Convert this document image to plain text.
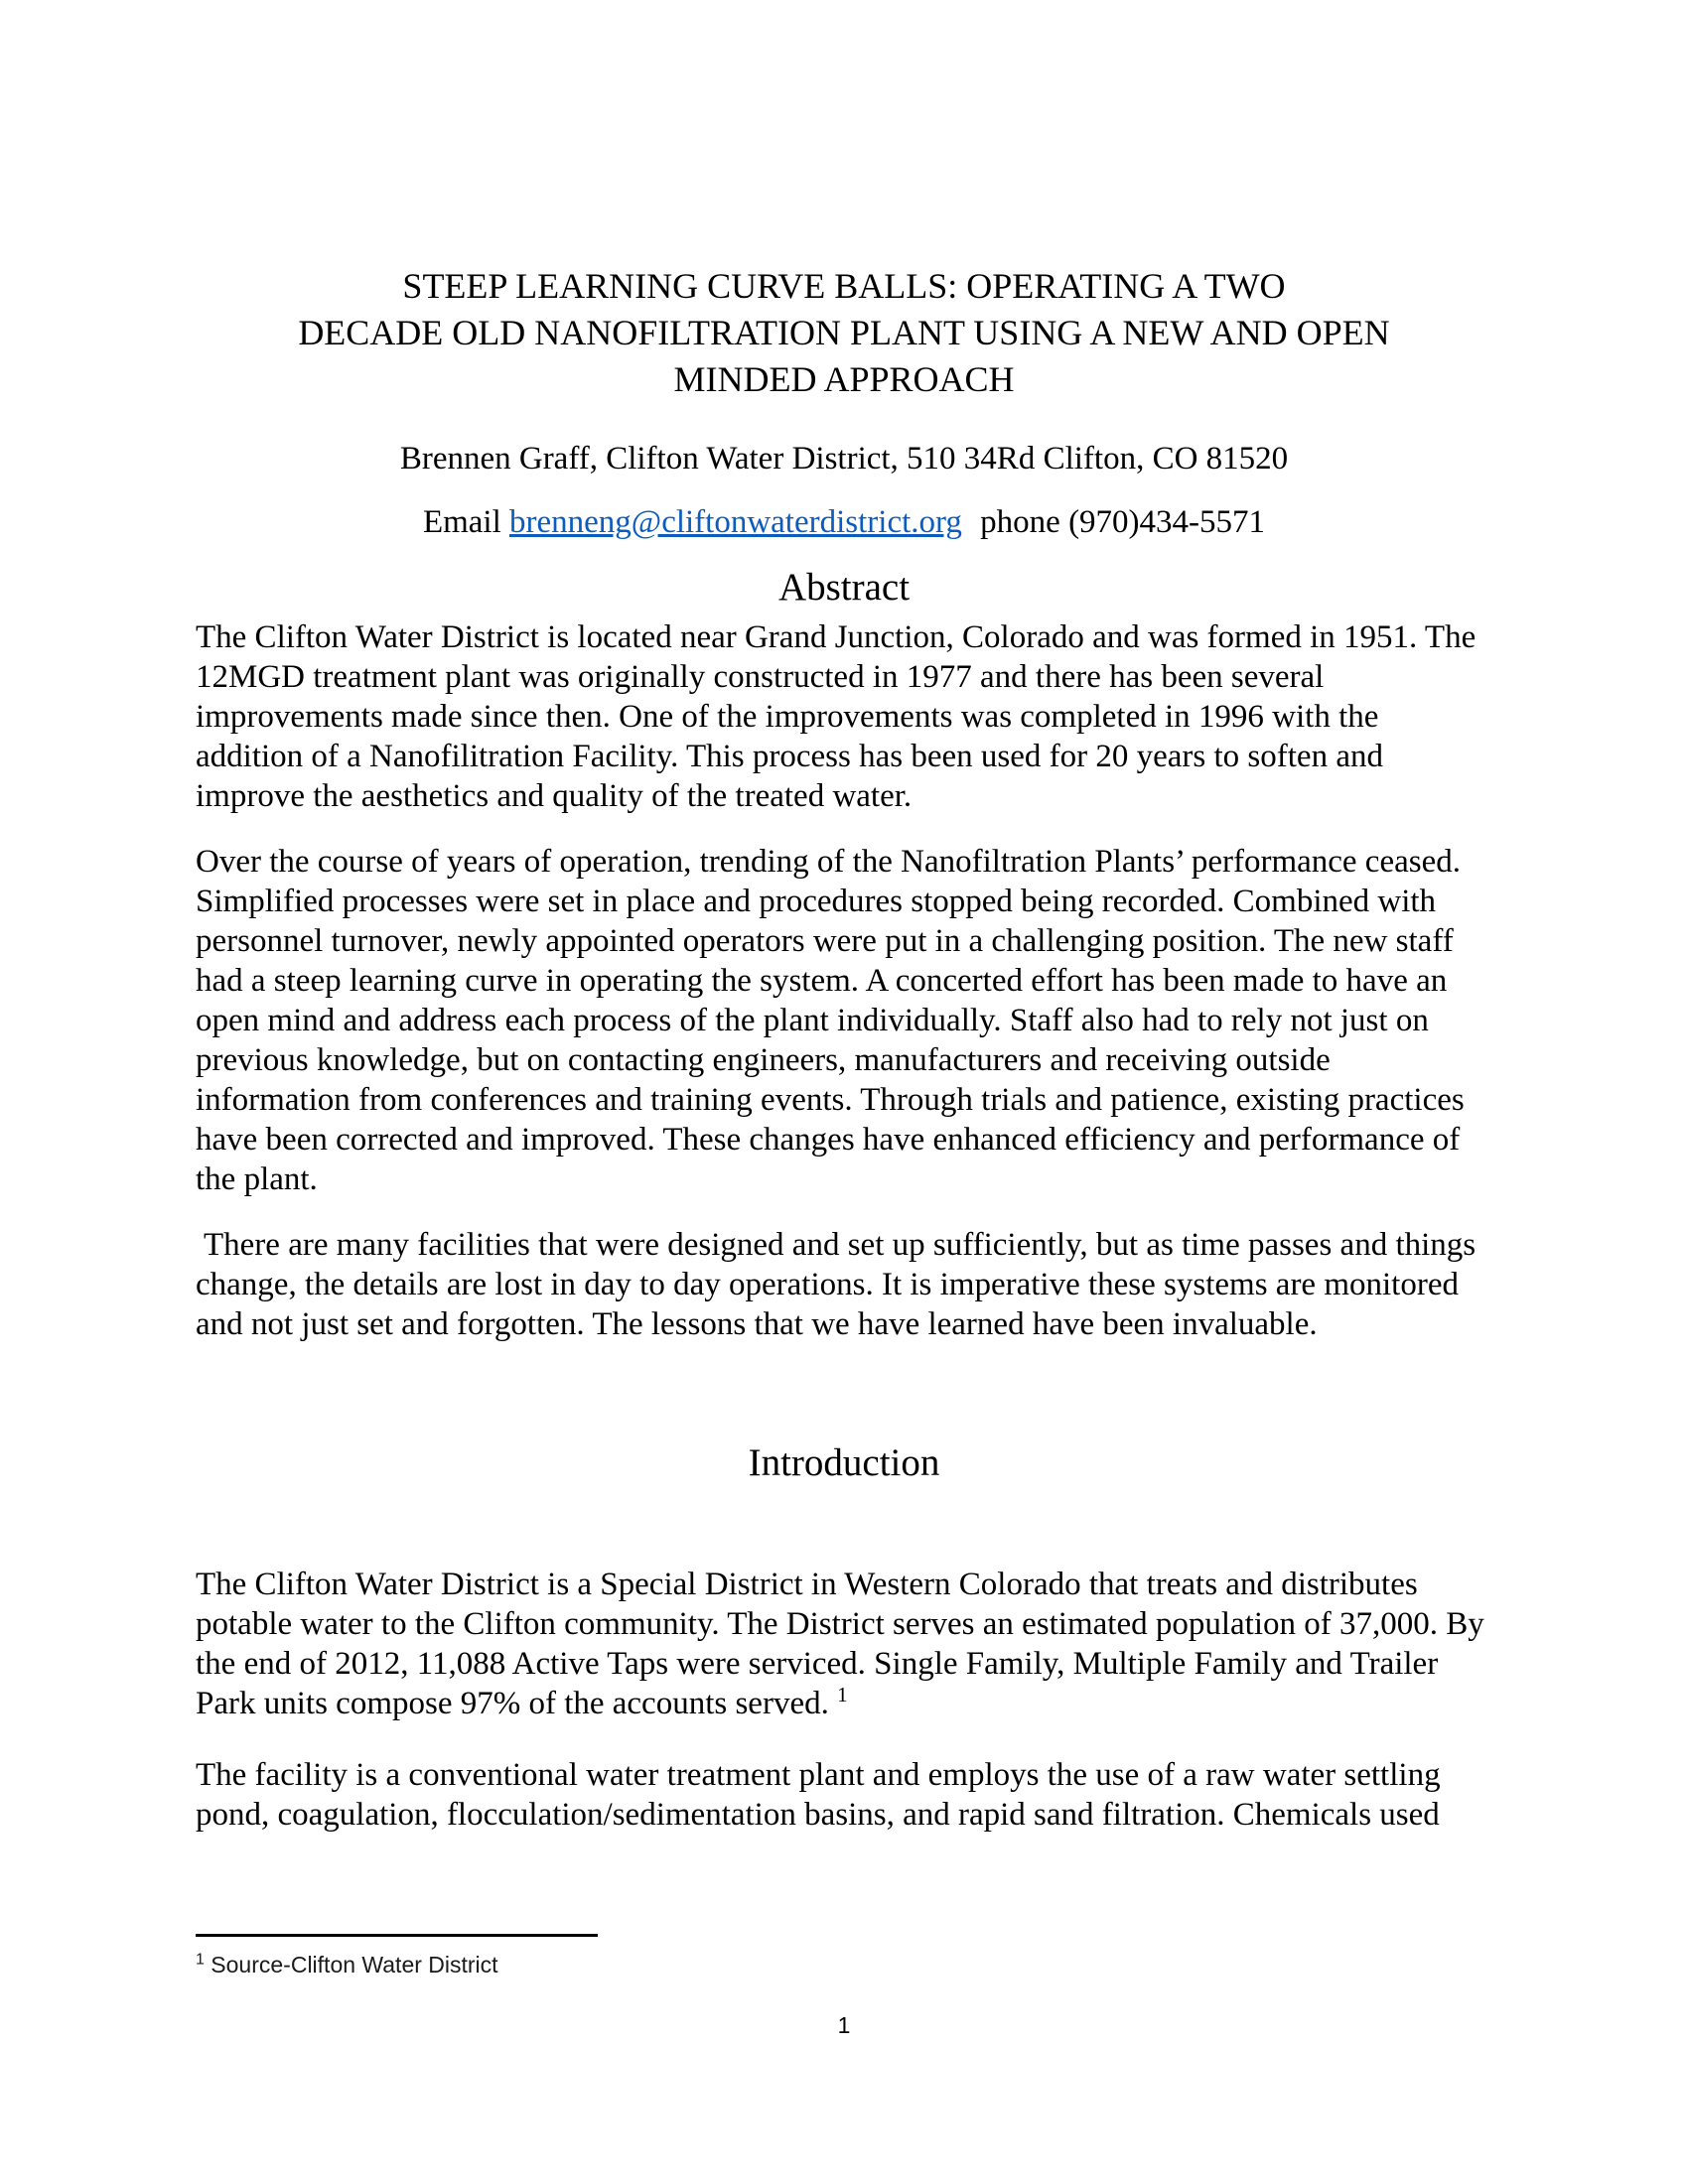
STEEP LEARNING CURVE BALLS: OPERATING A TWO
DECADE OLD NANOFILTRATION PLANT USING A NEW AND OPEN
MINDED APPROACH

Brennen Graff, Clifton Water District, 510 34Rd Clifton, CO 81520

Email brenneng@cliftonwaterdistrict.org phone (970)434-5571

Abstract

The Clifton Water District is located near Grand Junction, Colorado and was formed in 1951. The 12MGD treatment plant was originally constructed in 1977 and there has been several improvements made since then. One of the improvements was completed in 1996 with the addition of a Nanofilitration Facility. This process has been used for 20 years to soften and improve the aesthetics and quality of the treated water.

Over the course of years of operation, trending of the Nanofiltration Plants’ performance ceased. Simplified processes were set in place and procedures stopped being recorded. Combined with personnel turnover, newly appointed operators were put in a challenging position. The new staff had a steep learning curve in operating the system. A concerted effort has been made to have an open mind and address each process of the plant individually. Staff also had to rely not just on previous knowledge, but on contacting engineers, manufacturers and receiving outside information from conferences and training events. Through trials and patience, existing practices have been corrected and improved. These changes have enhanced efficiency and performance of the plant.

There are many facilities that were designed and set up sufficiently, but as time passes and things change, the details are lost in day to day operations. It is imperative these systems are monitored and not just set and forgotten. The lessons that we have learned have been invaluable.

Introduction

The Clifton Water District is a Special District in Western Colorado that treats and distributes potable water to the Clifton community. The District serves an estimated population of 37,000. By the end of 2012, 11,088 Active Taps were serviced. Single Family, Multiple Family and Trailer Park units compose 97% of the accounts served. $^1$

The facility is a conventional water treatment plant and employs the use of a raw water settling pond, coagulation, flocculation/sedimentation basins, and rapid sand filtration. Chemicals used

$^1$ Source-Clifton Water District
1
